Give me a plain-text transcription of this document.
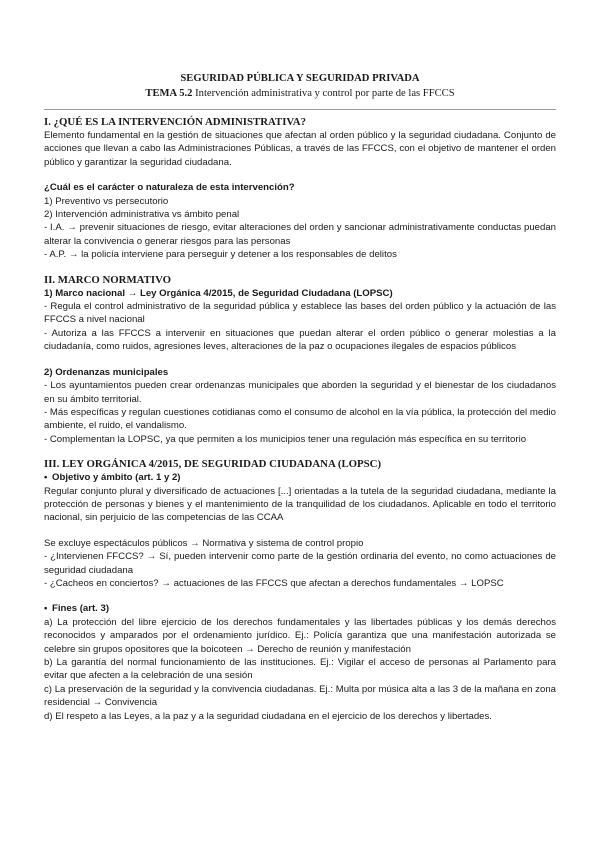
SEGURIDAD PÚBLICA Y SEGURIDAD PRIVADA

TEMA 5.2 Intervención administrativa y control por parte de las FFCCS

I. ¿QUÉ ES LA INTERVENCIÓN ADMINISTRATIVA?

Elemento fundamental en la gestión de situaciones que afectan al orden público y la seguridad ciudadana. Conjunto de acciones que llevan a cabo las Administraciones Públicas, a través de las FFCCS, con el objetivo de mantener el orden público y garantizar la seguridad ciudadana.

¿Cuál es el carácter o naturaleza de esta intervención?

1) Preventivo vs persecutorio

2) Intervención administrativa vs ámbito penal

- I.A. → prevenir situaciones de riesgo, evitar alteraciones del orden y sancionar administrativamente conductas puedan alterar la convivencia o generar riesgos para las personas

- A.P. → la policía interviene para perseguir y detener a los responsables de delitos

II. MARCO NORMATIVO

1) Marco nacional → Ley Orgánica 4/2015, de Seguridad Ciudadana (LOPSC)

- Regula el control administrativo de la seguridad pública y establece las bases del orden público y la actuación de las FFCCS a nivel nacional

- Autoriza a las FFCCS a intervenir en situaciones que puedan alterar el orden público o generar molestias a la ciudadanía, como ruidos, agresiones leves, alteraciones de la paz o ocupaciones ilegales de espacios públicos

2) Ordenanzas municipales

- Los ayuntamientos pueden crear ordenanzas municipales que aborden la seguridad y el bienestar de los ciudadanos en su ámbito territorial.

- Más específicas y regulan cuestiones cotidianas como el consumo de alcohol en la vía pública, la protección del medio ambiente, el ruido, el vandalismo.

- Complementan la LOPSC, ya que permiten a los municipios tener una regulación más específica en su territorio

III. LEY ORGÁNICA 4/2015, DE SEGURIDAD CIUDADANA (LOPSC)

• Objetivo y ámbito (art. 1 y 2)

Regular conjunto plural y diversificado de actuaciones [...] orientadas a la tutela de la seguridad ciudadana, mediante la protección de personas y bienes y el mantenimiento de la tranquilidad de los ciudadanos. Aplicable en todo el territorio nacional, sin perjuicio de las competencias de las CCAA

Se excluye espectáculos públicos → Normativa y sistema de control propio

- ¿Intervienen FFCCS? → Sí, pueden intervenir como parte de la gestión ordinaria del evento, no como actuaciones de seguridad ciudadana

- ¿Cacheos en conciertos? → actuaciones de las FFCCS que afectan a derechos fundamentales → LOPSC

• Fines (art. 3)

a) La protección del libre ejercicio de los derechos fundamentales y las libertades públicas y los demás derechos reconocidos y amparados por el ordenamiento jurídico. Ej.: Policía garantiza que una manifestación autorizada se celebre sin grupos opositores que la boicoteen → Derecho de reunión y manifestación

b) La garantía del normal funcionamiento de las instituciones. Ej.: Vigilar el acceso de personas al Parlamento para evitar que afecten a la celebración de una sesión

c) La preservación de la seguridad y la convivencia ciudadanas. Ej.: Multa por música alta a las 3 de la mañana en zona residencial → Convivencia

d) El respeto a las Leyes, a la paz y a la seguridad ciudadana en el ejercicio de los derechos y libertades.
